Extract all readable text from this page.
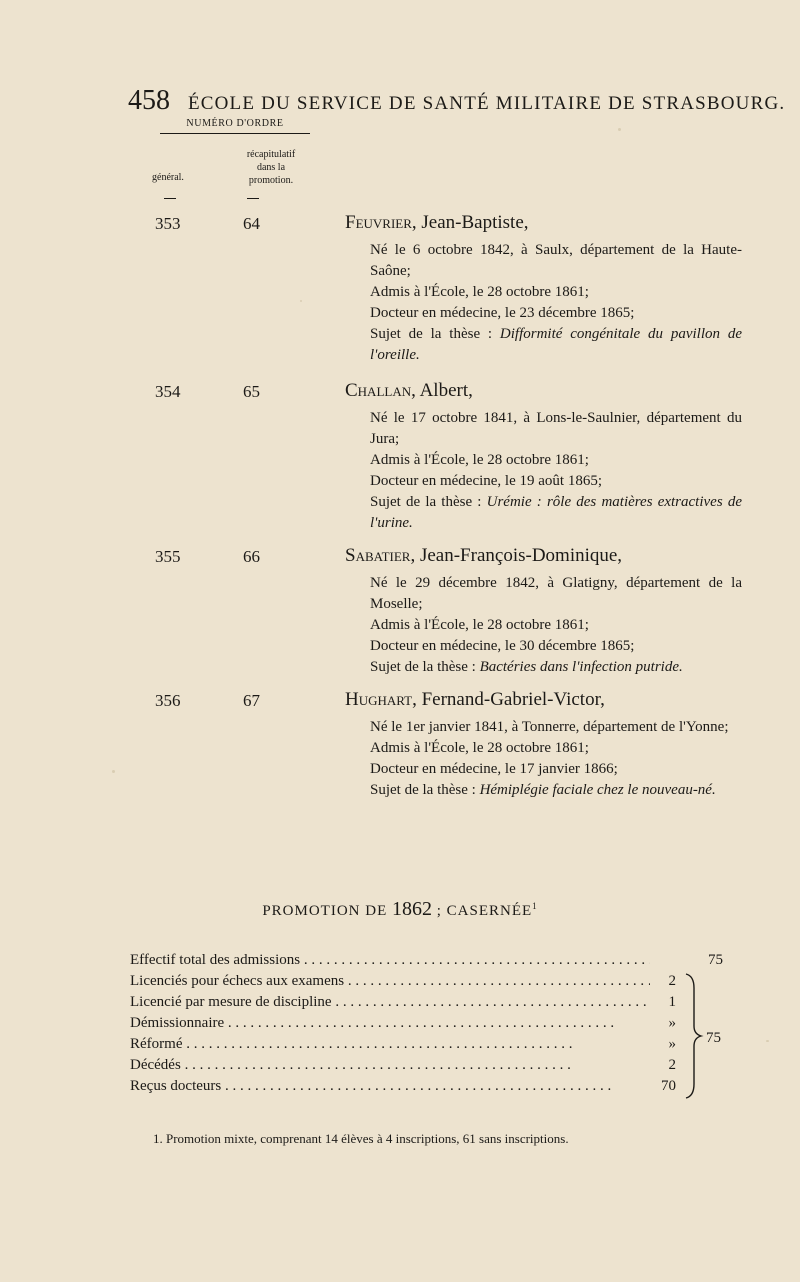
458 ÉCOLE DU SERVICE DE SANTÉ MILITAIRE DE STRASBOURG.
NUMÉRO D'ORDRE
général.
récapitulatif
dans la
promotion.
353	64	Feuvrier, Jean-Baptiste,

Né le 6 octobre 1842, à Saulx, département de la Haute-Saône;

Admis à l'École, le 28 octobre 1861;

Docteur en médecine, le 23 décembre 1865;

Sujet de la thèse : Difformité congénitale du pavillon de l'oreille.

354	65	Challan, Albert,

Né le 17 octobre 1841, à Lons-le-Saulnier, département du Jura;

Admis à l'École, le 28 octobre 1861;

Docteur en médecine, le 19 août 1865;

Sujet de la thèse : Urémie : rôle des matières extractives de l'urine.

355	66	Sabatier, Jean-François-Dominique,

Né le 29 décembre 1842, à Glatigny, département de la Moselle;

Admis à l'École, le 28 octobre 1861;

Docteur en médecine, le 30 décembre 1865;

Sujet de la thèse : Bactéries dans l'infection putride.

356	67	Hughart, Fernand-Gabriel-Victor,

Né le 1er janvier 1841, à Tonnerre, département de l'Yonne;

Admis à l'École, le 28 octobre 1861;

Docteur en médecine, le 17 janvier 1866;

Sujet de la thèse : Hémiplégie faciale chez le nouveau-né.

PROMOTION DE 1862 ; CASERNÉE$^1$
Effectif total des admissions . . .	75
Licenciés pour échecs aux examens . . .	2
Licencié par mesure de discipline . . .	1
Démissionnaire . . .	»
Réformé . . .	»
Décédés . . .	2
Reçus docteurs . . .	70
75
1. Promotion mixte, comprenant 14 élèves à 4 inscriptions, 61 sans inscriptions.
